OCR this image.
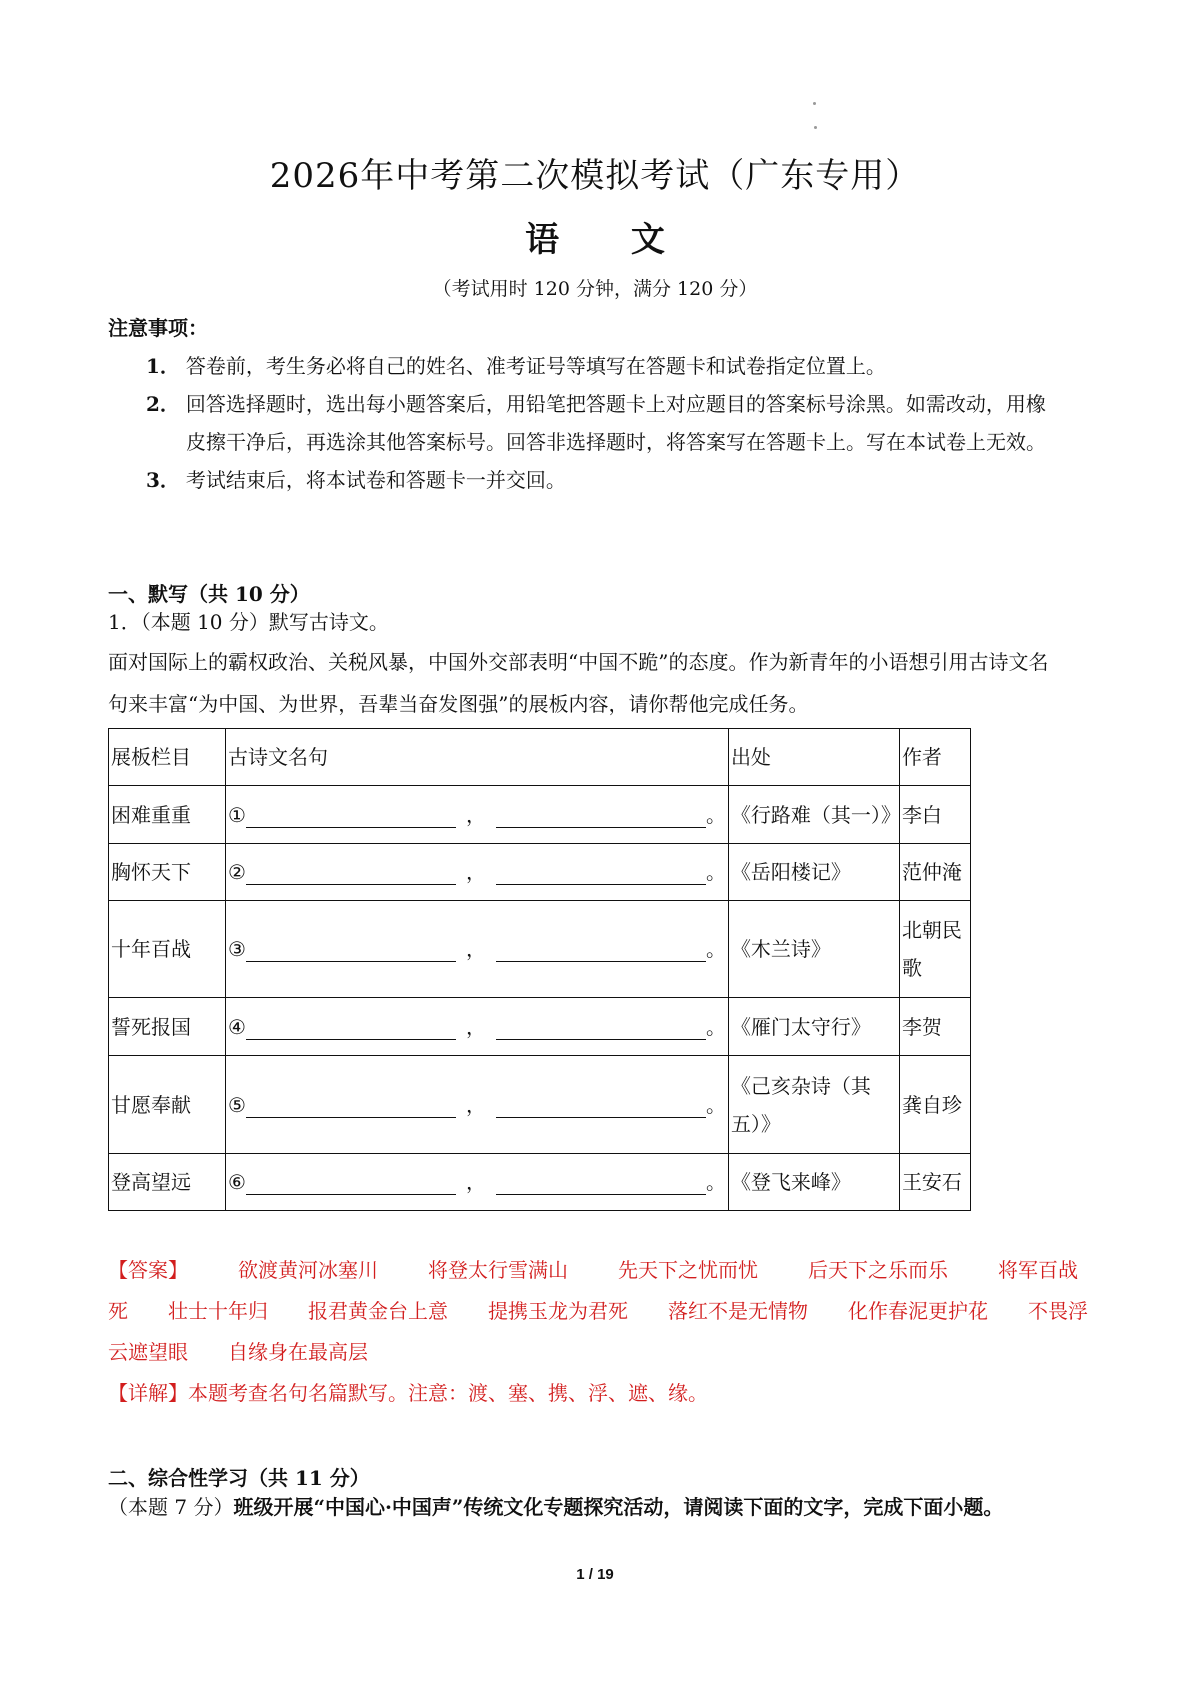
2026年中考第二次模拟考试（广东专用）
语 文
（考试用时 120 分钟，满分 120 分）
注意事项：
1． 答卷前，考生务必将自己的姓名、准考证号等填写在答题卡和试卷指定位置上。
2． 回答选择题时，选出每小题答案后，用铅笔把答题卡上对应题目的答案标号涂黑。如需改动，用橡
皮擦干净后，再选涂其他答案标号。回答非选择题时，将答案写在答题卡上。写在本试卷上无效。
3． 考试结束后，将本试卷和答题卡一并交回。
一、默写（共 10 分）
1．（本题 10 分）默写古诗文。
面对国际上的霸权政治、关税风暴，中国外交部表明“中国不跪”的态度。作为新青年的小语想引用古诗文名
句来丰富“为中国、为世界，吾辈当奋发图强”的展板内容，请你帮他完成任务。
展板栏目	古诗文名句	出处	作者
困难重重	① ， 。	《行路难（其一）》	李白
胸怀天下	② ， 。	《岳阳楼记》	范仲淹
十年百战	③ ， 。	《木兰诗》	北朝民歌
誓死报国	④ ， 。	《雁门太守行》	李贺
甘愿奉献	⑤ ， 。	《己亥杂诗（其五）》	龚自珍
登高望远	⑥ ， 。	《登飞来峰》	王安石
【答案】	欲渡黄河冰塞川	将登太行雪满山	先天下之忧而忧	后天下之乐而乐	将军百战死 壮士十年归 报君黄金台上意 提携玉龙为君死 落红不是无情物 化作春泥更护花 不畏浮云遮望眼 自缘身在最高层
【详解】本题考查名句名篇默写。注意：渡、塞、携、浮、遮、缘。
二、综合性学习（共 11 分）
（本题 7 分）班级开展“中国心·中国声”传统文化专题探究活动，请阅读下面的文字，完成下面小题。
1 / 19
